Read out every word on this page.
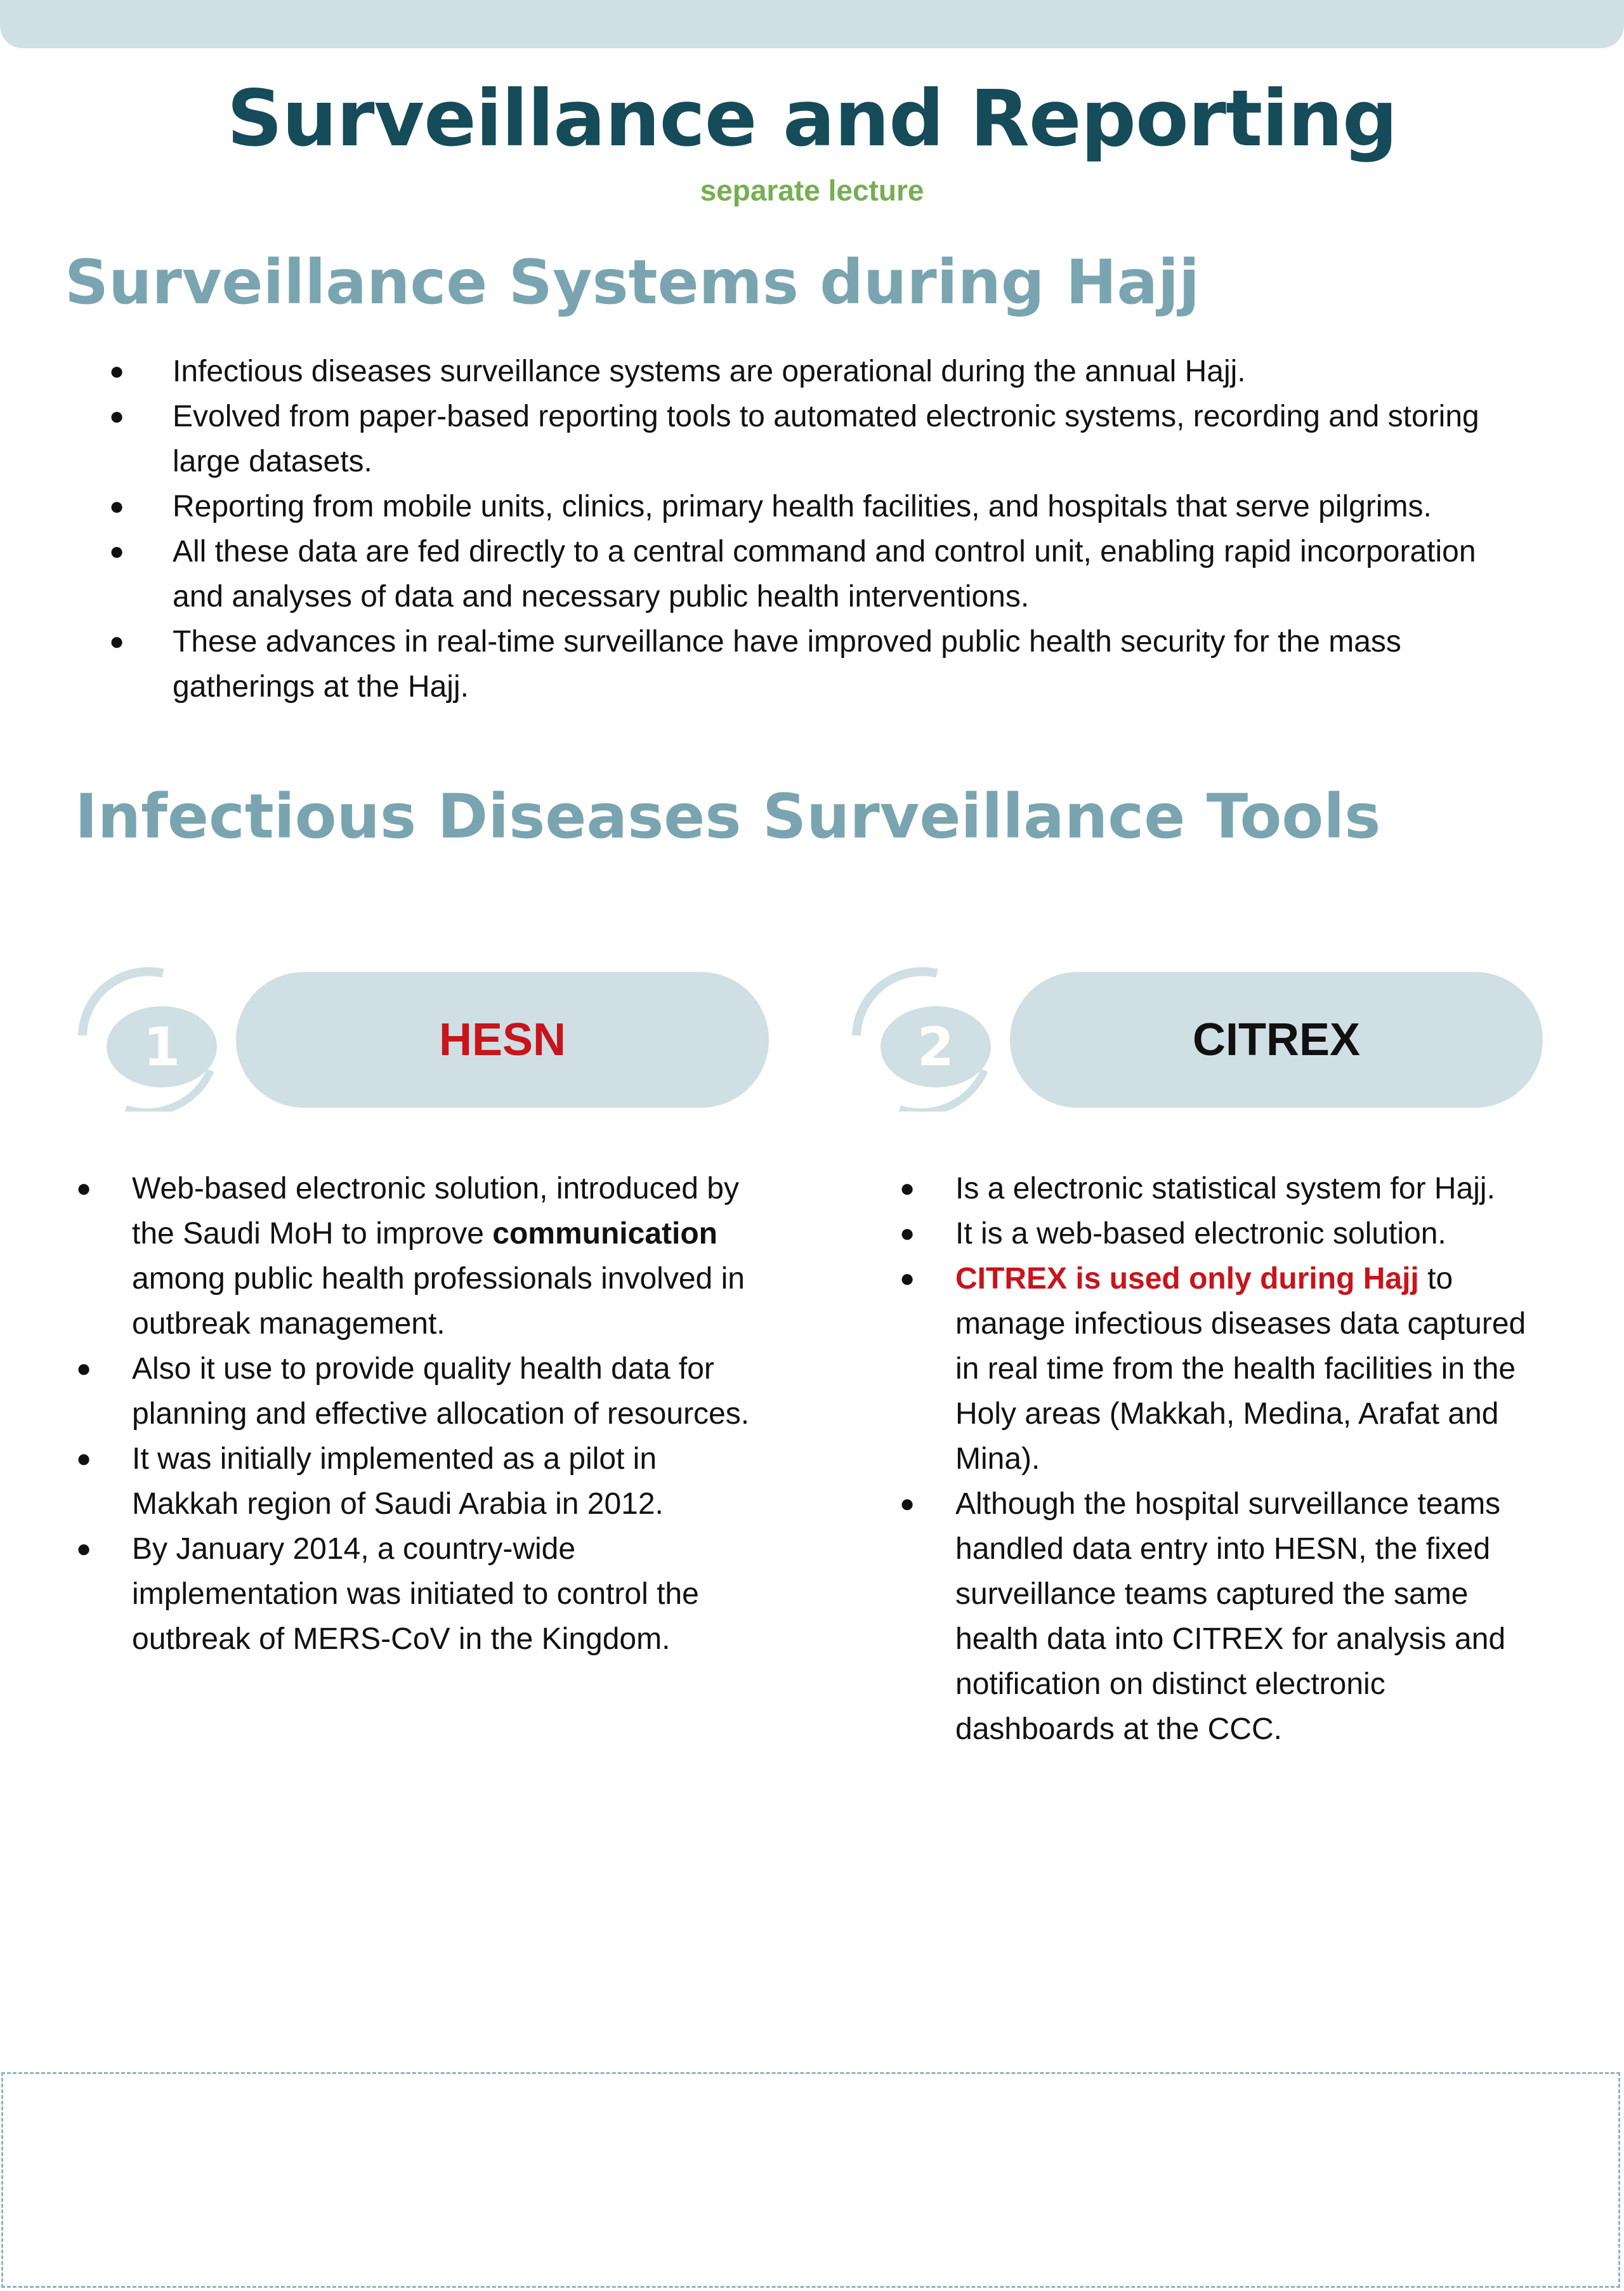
Surveillance and Reporting
separate lecture
Surveillance Systems during Hajj
● Infectious diseases surveillance systems are operational during the annual Hajj.
● Evolved from paper-based reporting tools to automated electronic systems, recording and storing large datasets.
● Reporting from mobile units, clinics, primary health facilities, and hospitals that serve pilgrims.
● All these data are fed directly to a central command and control unit, enabling rapid incorporation and analyses of data and necessary public health interventions.
● These advances in real-time surveillance have improved public health security for the mass gatherings at the Hajj.
Infectious Diseases Surveillance Tools
1	HESN	2	CITREX
● Web-based electronic solution, introduced by the Saudi MoH to improve communication among public health professionals involved in outbreak management.
● Also it use to provide quality health data for planning and effective allocation of resources.
● It was initially implemented as a pilot in Makkah region of Saudi Arabia in 2012.
● By January 2014, a country-wide implementation was initiated to control the outbreak of MERS-CoV in the Kingdom.
● Is a electronic statistical system for Hajj.
● It is a web-based electronic solution.
● CITREX is used only during Hajj to manage infectious diseases data captured in real time from the health facilities in the Holy areas (Makkah, Medina, Arafat and Mina).
● Although the hospital surveillance teams handled data entry into HESN, the fixed surveillance teams captured the same health data into CITREX for analysis and notification on distinct electronic dashboards at the CCC.
